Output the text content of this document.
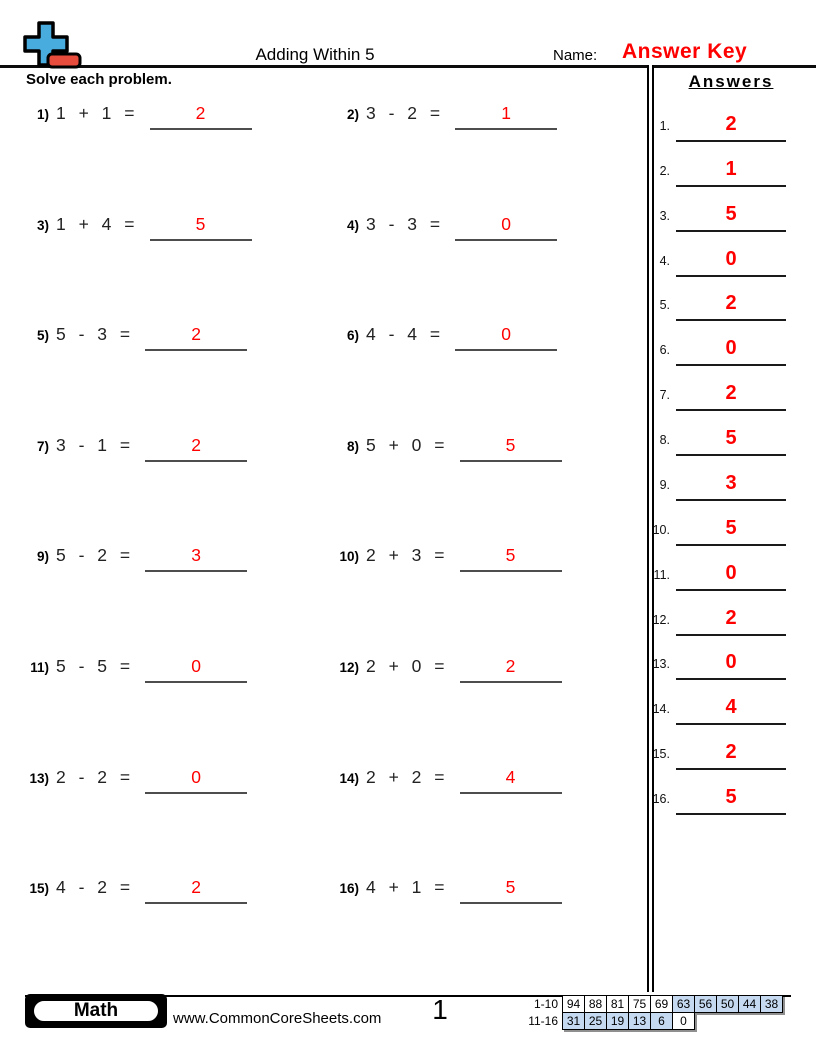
Adding Within 5	Name: Answer Key
Solve each problem.
1) 1 + 1 =	2	2) 3 - 2 =	1
3) 1 + 4 =	5	4) 3 - 3 =	0
5) 5 - 3 =	2	6) 4 - 4 =	0
7) 3 - 1 =	2	8) 5 + 0 =	5
9) 5 - 2 =	3	10) 2 + 3 =	5
11) 5 - 5 =	0	12) 2 + 0 =	2
13) 2 - 2 =	0	14) 2 + 2 =	4
15) 4 - 2 =	2	16) 4 + 1 =	5
Answers
1.	2
2.	1
3.	5
4.	0
5.	2
6.	0
7.	2
8.	5
9.	3
10.	5
11.	0
12.	2
13.	0
14.	4
15.	2
16.	5
Math	www.CommonCoreSheets.com	1	1-10 94 88 81 75 69 63 56 50 44 38
11-16 31 25 19 13 6	0
